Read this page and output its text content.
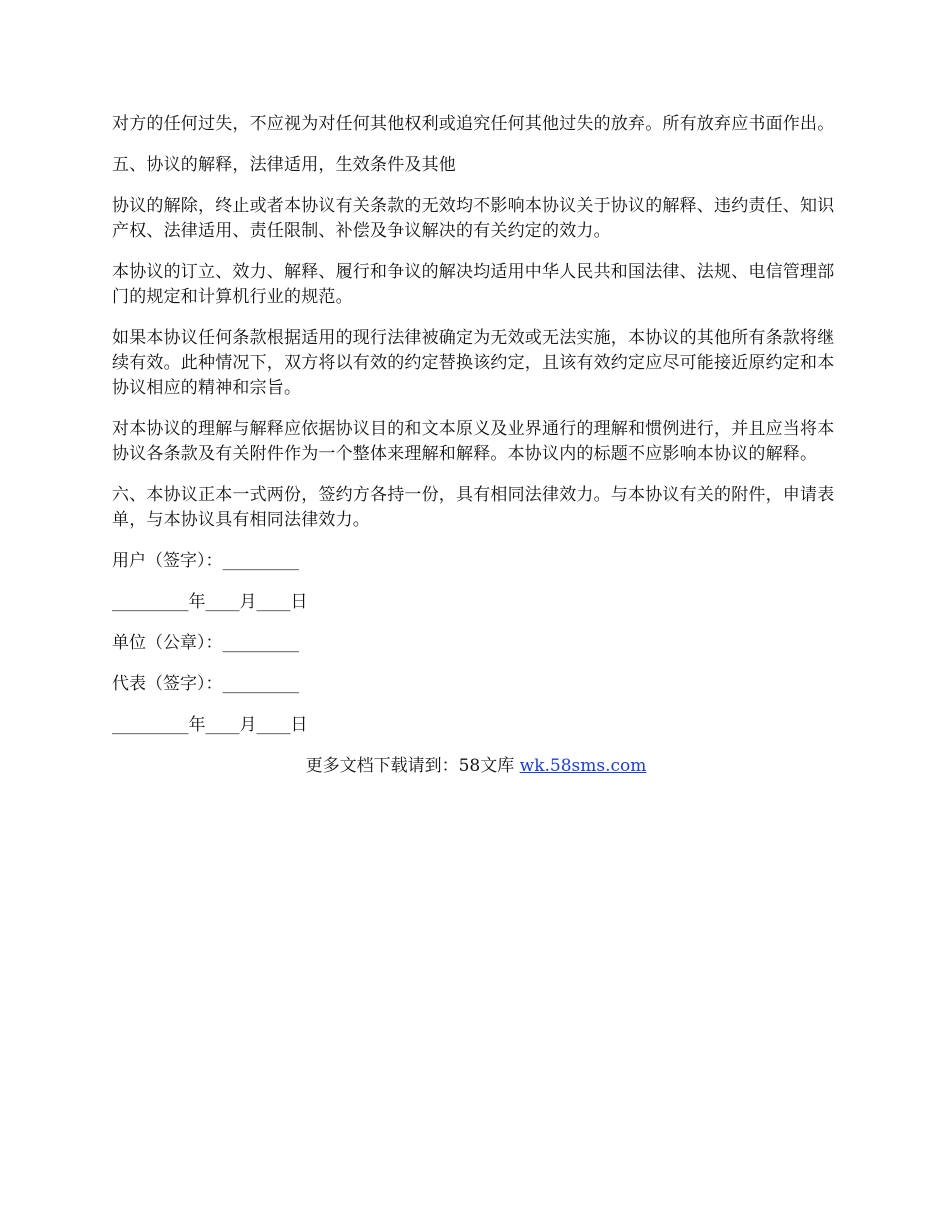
对方的任何过失，不应视为对任何其他权利或追究任何其他过失的放弃。所有放弃应书面作出。

五、协议的解释，法律适用，生效条件及其他

协议的解除，终止或者本协议有关条款的无效均不影响本协议关于协议的解释、违约责任、知识产权、法律适用、责任限制、补偿及争议解决的有关约定的效力。

本协议的订立、效力、解释、履行和争议的解决均适用中华人民共和国法律、法规、电信管理部门的规定和计算机行业的规范。

如果本协议任何条款根据适用的现行法律被确定为无效或无法实施，本协议的其他所有条款将继续有效。此种情况下，双方将以有效的约定替换该约定，且该有效约定应尽可能接近原约定和本协议相应的精神和宗旨。

对本协议的理解与解释应依据协议目的和文本原义及业界通行的理解和惯例进行，并且应当将本协议各条款及有关附件作为一个整体来理解和解释。本协议内的标题不应影响本协议的解释。

六、本协议正本一式两份，签约方各持一份，具有相同法律效力。与本协议有关的附件，申请表单，与本协议具有相同法律效力。

用户（签字）：_________
_________年____月____日
单位（公章）：_________
代表（签字）：_________
_________年____月____日
更多文档下载请到：58文库 wk.58sms.com
